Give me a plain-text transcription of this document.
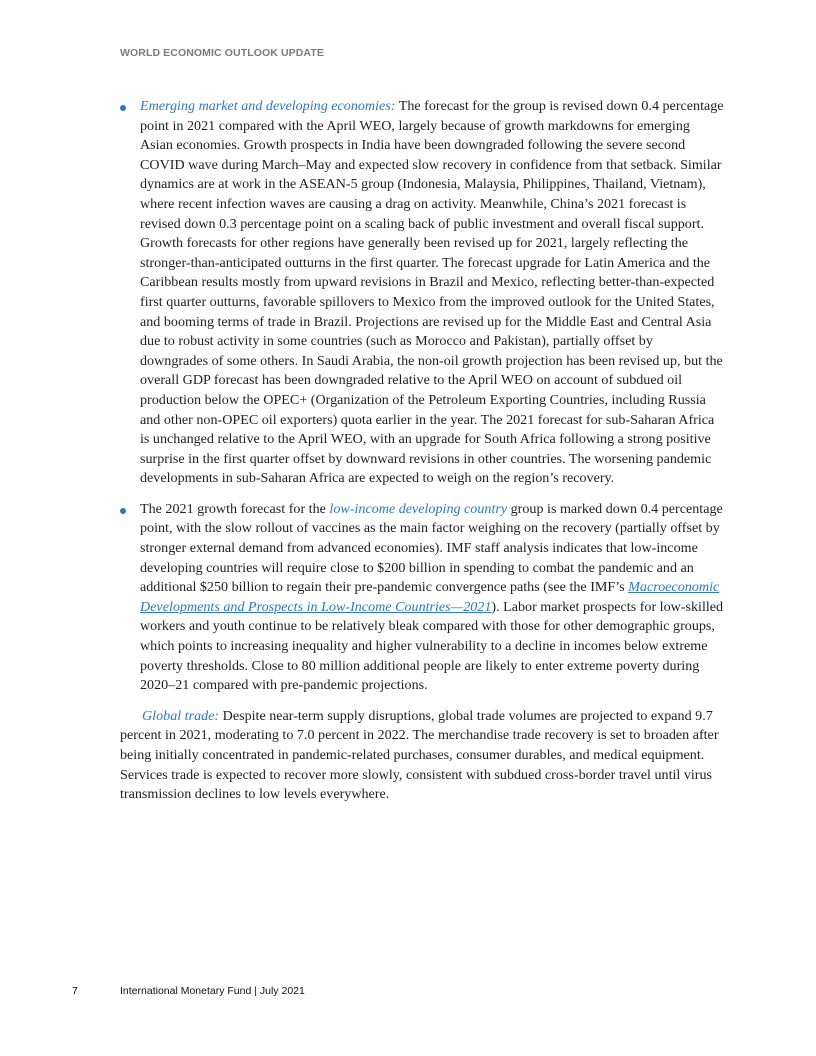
WORLD ECONOMIC OUTLOOK UPDATE
Emerging market and developing economies: The forecast for the group is revised down 0.4 percentage point in 2021 compared with the April WEO, largely because of growth markdowns for emerging Asian economies. Growth prospects in India have been downgraded following the severe second COVID wave during March–May and expected slow recovery in confidence from that setback. Similar dynamics are at work in the ASEAN-5 group (Indonesia, Malaysia, Philippines, Thailand, Vietnam), where recent infection waves are causing a drag on activity. Meanwhile, China’s 2021 forecast is revised down 0.3 percentage point on a scaling back of public investment and overall fiscal support. Growth forecasts for other regions have generally been revised up for 2021, largely reflecting the stronger-than-anticipated outturns in the first quarter. The forecast upgrade for Latin America and the Caribbean results mostly from upward revisions in Brazil and Mexico, reflecting better-than-expected first quarter outturns, favorable spillovers to Mexico from the improved outlook for the United States, and booming terms of trade in Brazil. Projections are revised up for the Middle East and Central Asia due to robust activity in some countries (such as Morocco and Pakistan), partially offset by downgrades of some others. In Saudi Arabia, the non-oil growth projection has been revised up, but the overall GDP forecast has been downgraded relative to the April WEO on account of subdued oil production below the OPEC+ (Organization of the Petroleum Exporting Countries, including Russia and other non-OPEC oil exporters) quota earlier in the year. The 2021 forecast for sub-Saharan Africa is unchanged relative to the April WEO, with an upgrade for South Africa following a strong positive surprise in the first quarter offset by downward revisions in other countries. The worsening pandemic developments in sub-Saharan Africa are expected to weigh on the region’s recovery.
The 2021 growth forecast for the low-income developing country group is marked down 0.4 percentage point, with the slow rollout of vaccines as the main factor weighing on the recovery (partially offset by stronger external demand from advanced economies). IMF staff analysis indicates that low-income developing countries will require close to $200 billion in spending to combat the pandemic and an additional $250 billion to regain their pre-pandemic convergence paths (see the IMF’s Macroeconomic Developments and Prospects in Low-Income Countries—2021). Labor market prospects for low-skilled workers and youth continue to be relatively bleak compared with those for other demographic groups, which points to increasing inequality and higher vulnerability to a decline in incomes below extreme poverty thresholds. Close to 80 million additional people are likely to enter extreme poverty during 2020–21 compared with pre-pandemic projections.

Global trade: Despite near-term supply disruptions, global trade volumes are projected to expand 9.7 percent in 2021, moderating to 7.0 percent in 2022. The merchandise trade recovery is set to broaden after being initially concentrated in pandemic-related purchases, consumer durables, and medical equipment. Services trade is expected to recover more slowly, consistent with subdued cross-border travel until virus transmission declines to low levels everywhere.

7	International Monetary Fund | July 2021
